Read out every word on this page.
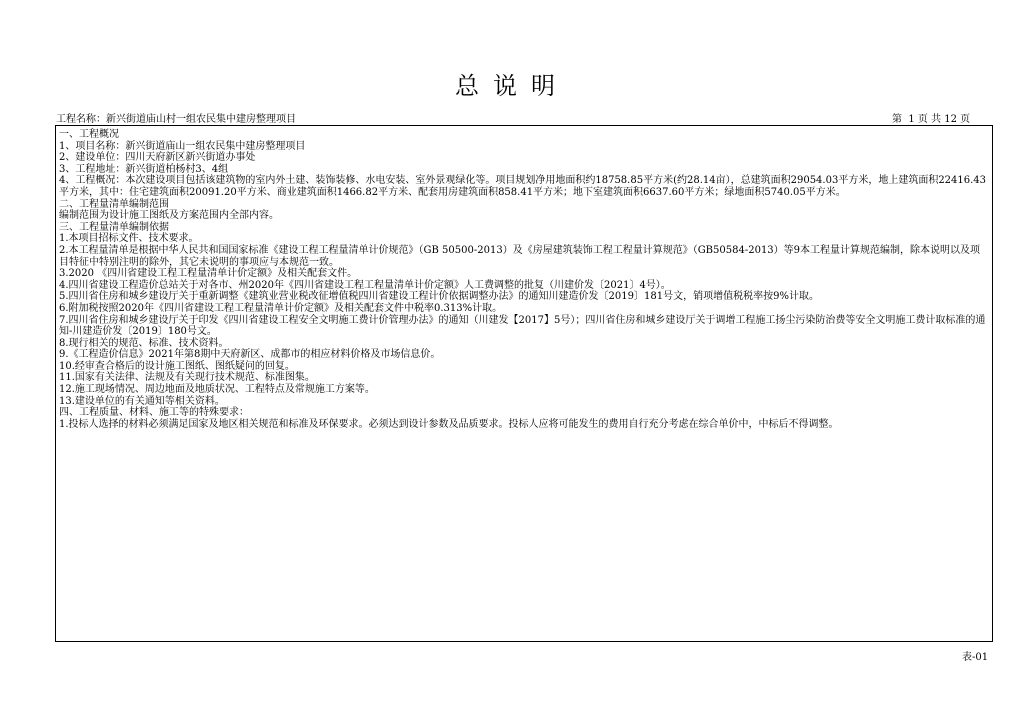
总说明
工程名称：新兴街道庙山村一组农民集中建房整理项目	第  1 页 共 12 页
一、工程概况
1、项目名称：新兴街道庙山一组农民集中建房整理项目
2、建设单位：四川天府新区新兴街道办事处
3、工程地址：新兴街道柏杨村3、4组
4、工程概况：本次建设项目包括该建筑物的室内外土建、装饰装修、水电安装、室外景观绿化等。项目规划净用地面积约18758.85平方米(约28.14亩），总建筑面积29054.03平方米，地上建筑面积22416.43平方米，其中：住宅建筑面积20091.20平方米、商业建筑面积1466.82平方米、配套用房建筑面积858.41平方米；地下室建筑面积6637.60平方米；绿地面积5740.05平方米。
二、工程量清单编制范围
编制范围为设计施工图纸及方案范围内全部内容。
三、工程量清单编制依据
1.本项目招标文件、技术要求。
2.本工程量清单是根据中华人民共和国国家标准《建设工程工程量清单计价规范》（GB 50500-2013）及《房屋建筑装饰工程工程量计算规范》（GB50584-2013）等9本工程量计算规范编制，除本说明以及项目特征中特别注明的除外，其它未说明的事项应与本规范一致。
3.2020 《四川省建设工程工程量清单计价定额》及相关配套文件。
4.四川省建设工程造价总站关于对各市、州2020年《四川省建设工程工程量清单计价定额》人工费调整的批复（川建价发〔2021〕4号）。
5.四川省住房和城乡建设厅关于重新调整《建筑业营业税改征增值税四川省建设工程计价依据调整办法》的通知川建造价发〔2019〕181号文，销项增值税税率按9%计取。
6.附加税按照2020年《四川省建设工程工程量清单计价定额》及相关配套文件中税率0.313%计取。
7.四川省住房和城乡建设厅关于印发《四川省建设工程安全文明施工费计价管理办法》的通知（川建发【2017】5号）；四川省住房和城乡建设厅关于调增工程施工扬尘污染防治费等安全文明施工费计取标准的通知-川建造价发〔2019〕180号文。
8.现行相关的规范、标准、技术资料。
9.《工程造价信息》2021年第8期中天府新区、成都市的相应材料价格及市场信息价。
10.经审查合格后的设计施工图纸、图纸疑问的回复。
11.国家有关法律、法规及有关现行技术规范、标准图集。
12.施工现场情况、周边地面及地质状况、工程特点及常规施工方案等。
13.建设单位的有关通知等相关资料。
四、工程质量、材料、施工等的特殊要求：
1.投标人选择的材料必须满足国家及地区相关规范和标准及环保要求。必须达到设计参数及品质要求。投标人应将可能发生的费用自行充分考虑在综合单价中，中标后不得调整。
表-01
